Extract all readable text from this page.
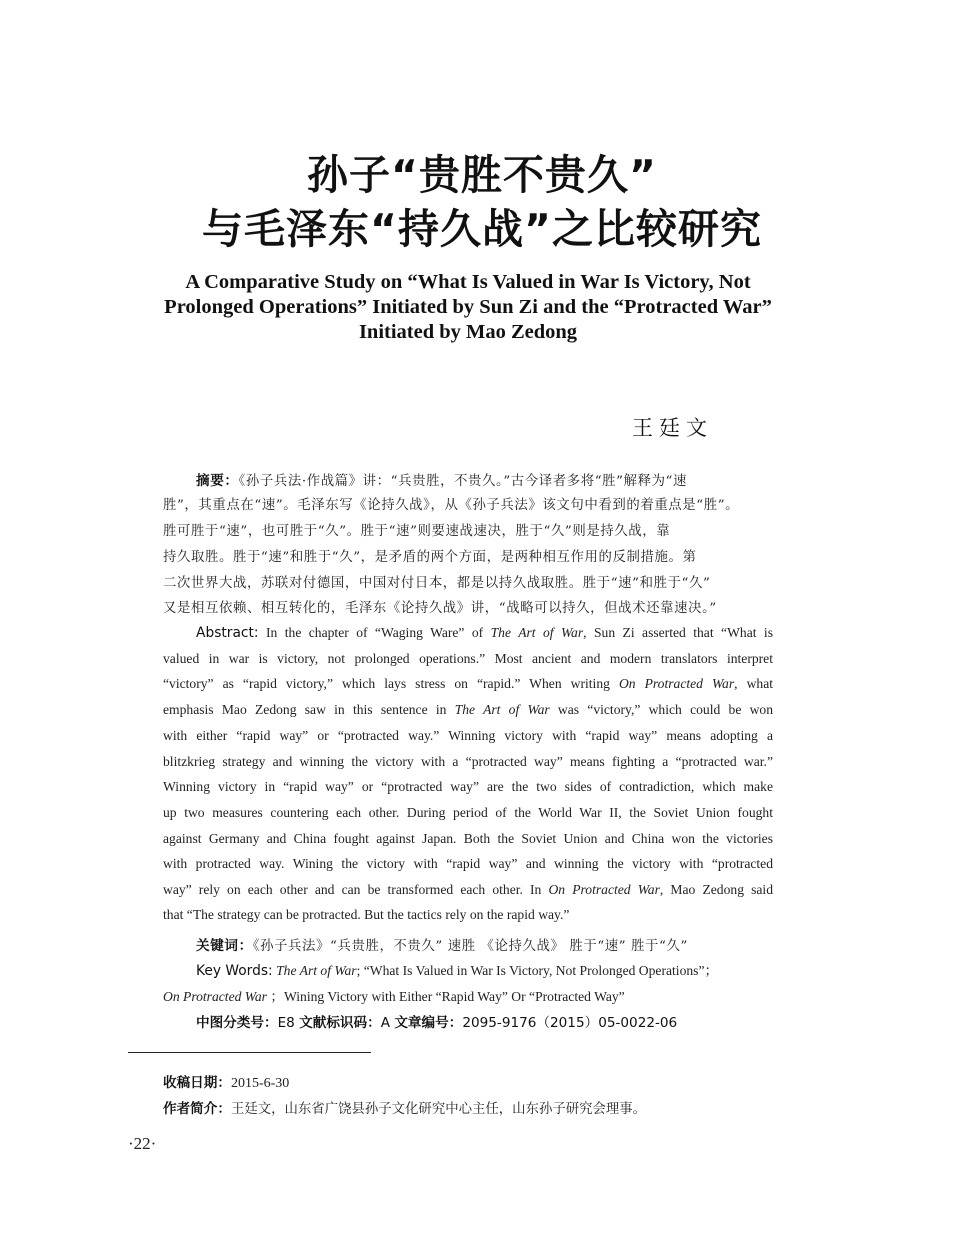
孙子“贵胜不贵久”
与毛泽东“持久战”之比较研究
A Comparative Study on “What Is Valued in War Is Victory, Not
Prolonged Operations” Initiated by Sun Zi and the “Protracted War”
Initiated by Mao Zedong
王廷文
摘要：《孙子兵法·作战篇》讲：“兵贵胜，不贵久。”古今译者多将“胜”解释为“速
胜”，其重点在“速”。毛泽东写《论持久战》，从《孙子兵法》该文句中看到的着重点是“胜”。
胜可胜于“速”，也可胜于“久”。胜于“速”则要速战速决，胜于“久”则是持久战，靠
持久取胜。胜于“速”和胜于“久”，是矛盾的两个方面，是两种相互作用的反制措施。第
二次世界大战，苏联对付德国，中国对付日本，都是以持久战取胜。胜于“速”和胜于“久”
又是相互依赖、相互转化的，毛泽东《论持久战》讲，“战略可以持久，但战术还靠速决。”
Abstract: In the chapter of “Waging Ware” of The Art of War, Sun Zi asserted that “What is
valued in war is victory, not prolonged operations.” Most ancient and modern translators interpret
“victory” as “rapid victory,” which lays stress on “rapid.” When writing On Protracted War, what
emphasis Mao Zedong saw in this sentence in The Art of War was “victory,” which could be won
with either “rapid way” or “protracted way.” Winning victory with “rapid way” means adopting a
blitzkrieg strategy and winning the victory with a “protracted way” means fighting a “protracted war.”
Winning victory in “rapid way” or “protracted way” are the two sides of contradiction, which make
up two measures countering each other. During period of the World War II, the Soviet Union fought
against Germany and China fought against Japan. Both the Soviet Union and China won the victories
with protracted way. Wining the victory with “rapid way” and winning the victory with “protracted
way” rely on each other and can be transformed each other. In On Protracted War, Mao Zedong said
that “The strategy can be protracted. But the tactics rely on the rapid way.”
关键词：《孙子兵法》“兵贵胜，不贵久” 速胜 《论持久战》 胜于“速” 胜于“久”
Key Words: The Art of War; “What Is Valued in War Is Victory, Not Prolonged Operations”；
On Protracted War ；Wining Victory with Either “Rapid Way” Or “Protracted Way”
中图分类号：E8 文献标识码：A 文章编号：2095-9176（2015）05-0022-06
收稿日期：2015-6-30
作者简介：王廷文，山东省广饶县孙子文化研究中心主任，山东孙子研究会理事。
·22·
